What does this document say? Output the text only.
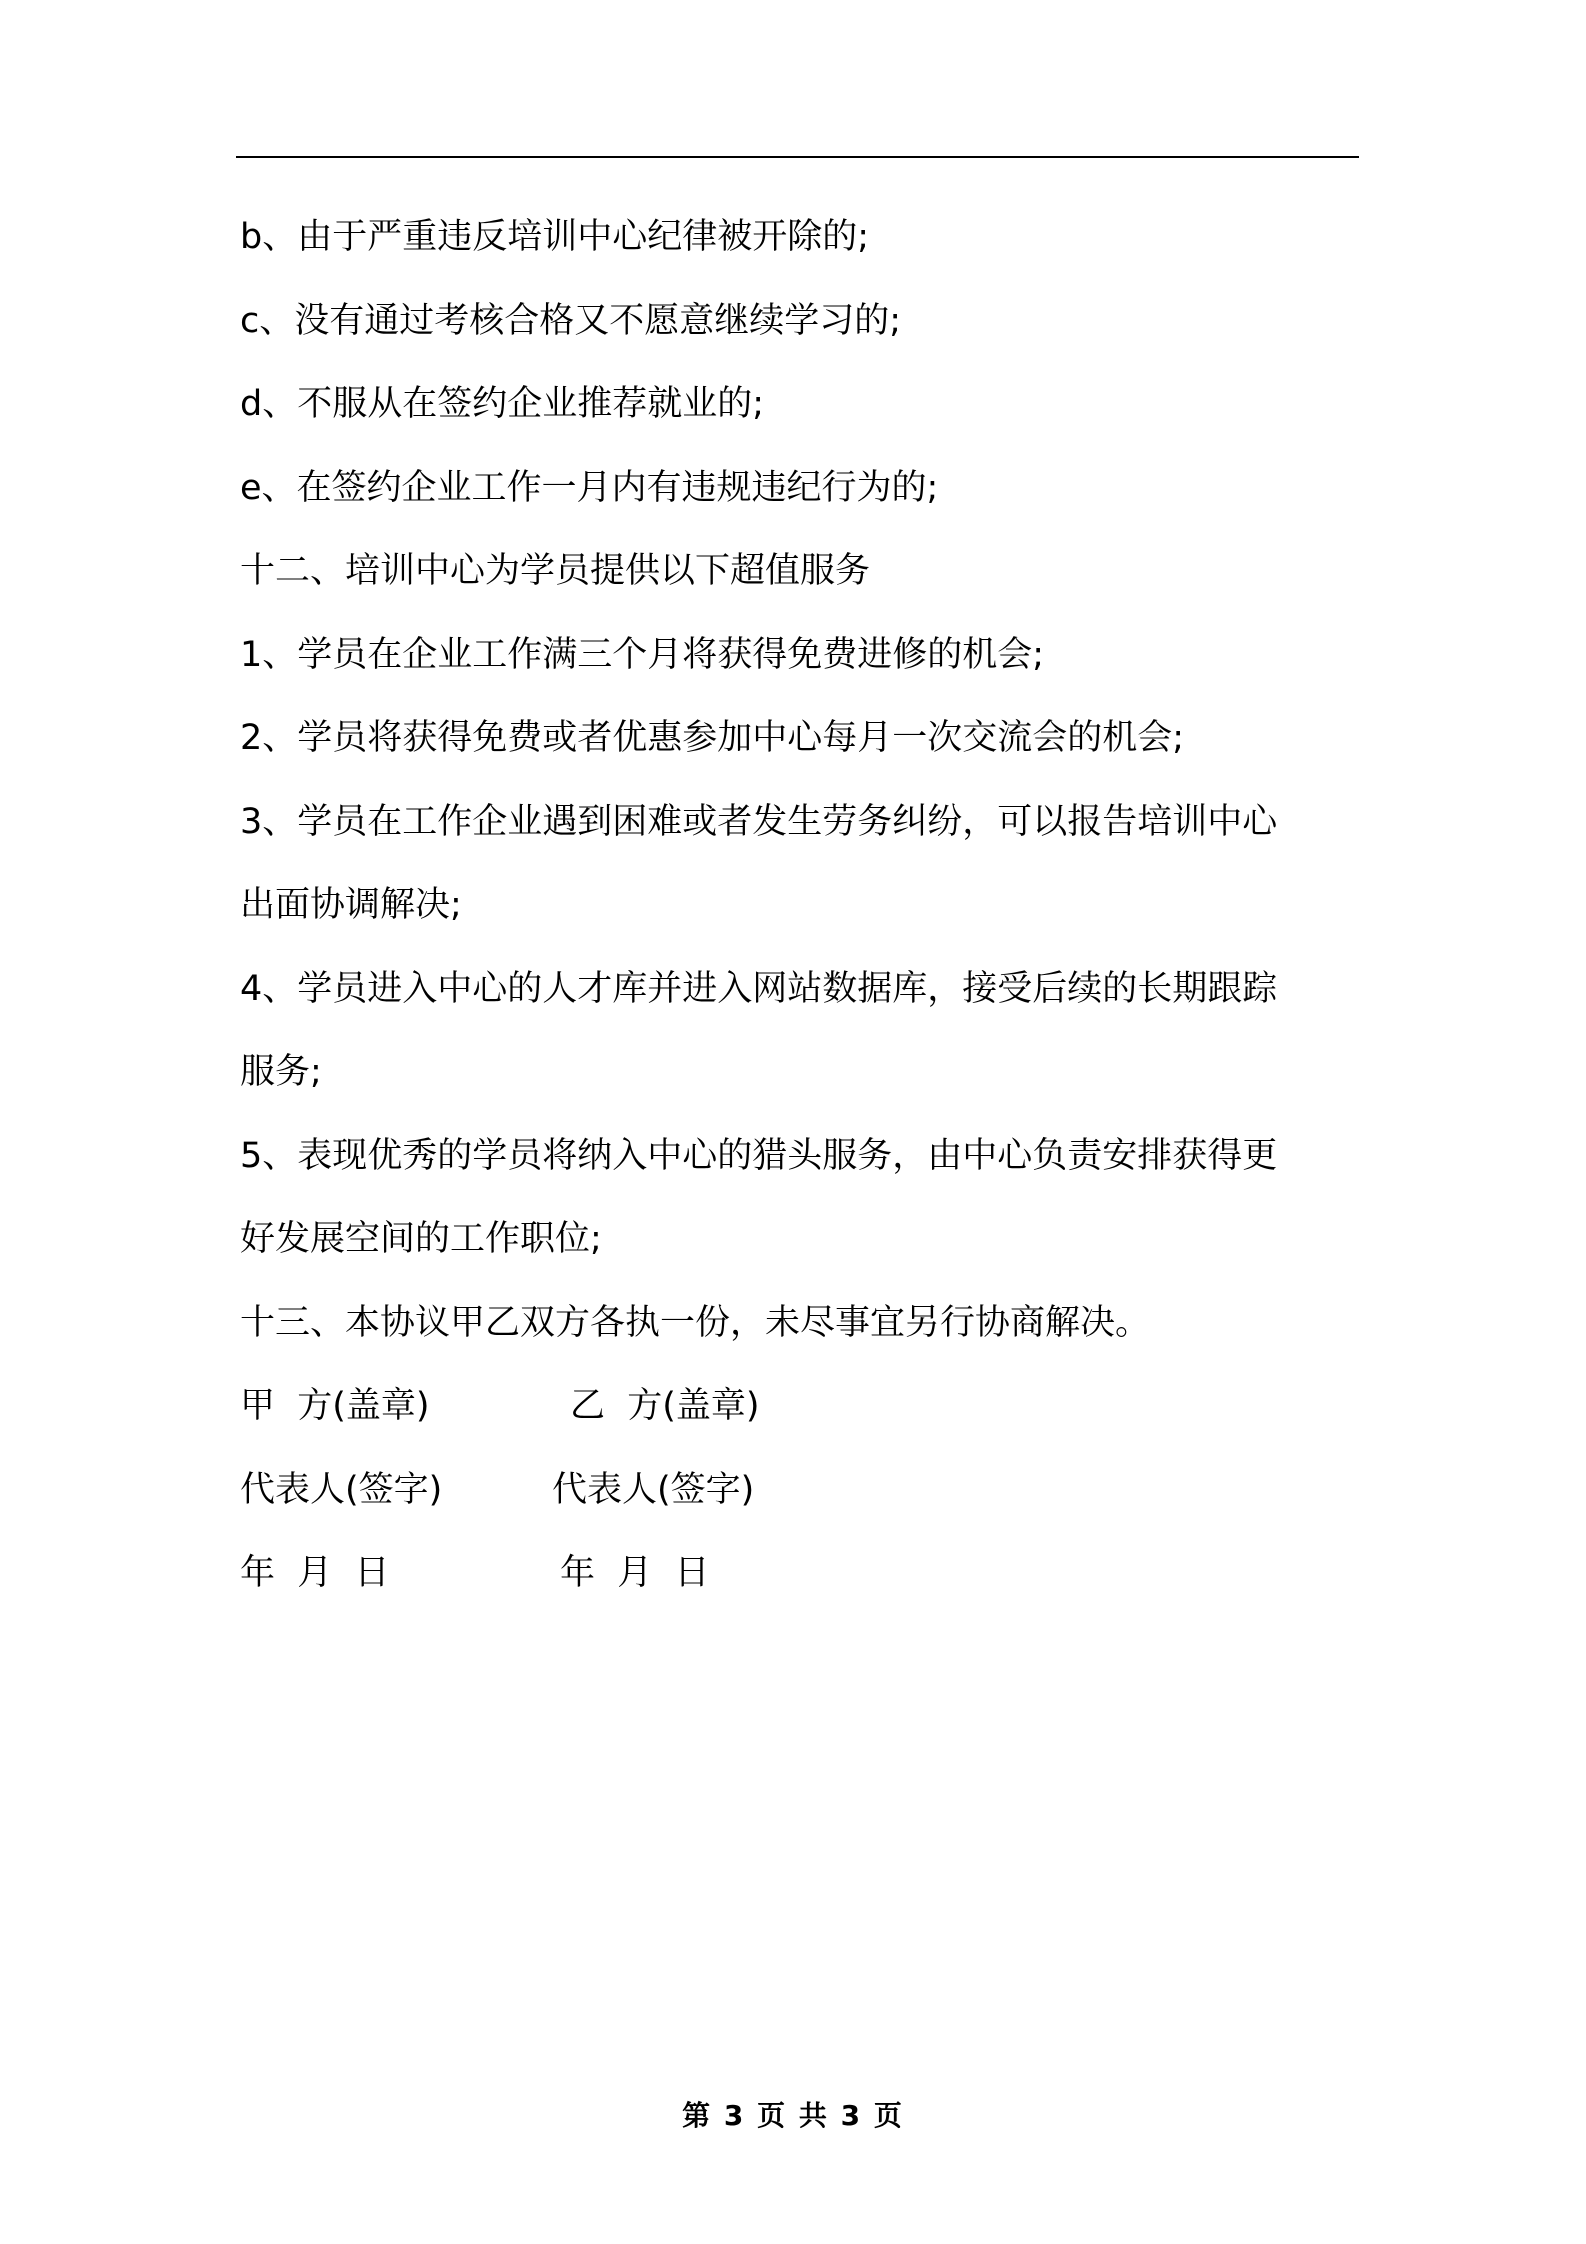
b、由于严重违反培训中心纪律被开除的;
c、没有通过考核合格又不愿意继续学习的;
d、不服从在签约企业推荐就业的;
e、在签约企业工作一月内有违规违纪行为的;
十二、培训中心为学员提供以下超值服务
1、学员在企业工作满三个月将获得免费进修的机会;
2、学员将获得免费或者优惠参加中心每月一次交流会的机会;
3、学员在工作企业遇到困难或者发生劳务纠纷，可以报告培训中心
出面协调解决;
4、学员进入中心的人才库并进入网站数据库，接受后续的长期跟踪
服务;
5、表现优秀的学员将纳入中心的猎头服务，由中心负责安排获得更
好发展空间的工作职位;
十三、本协议甲乙双方各执一份，未尽事宜另行协商解决。
甲  方(盖章)	乙  方(盖章)
代表人(签字)	代表人(签字)
年  月  日	年  月  日
第 3 页 共 3 页
